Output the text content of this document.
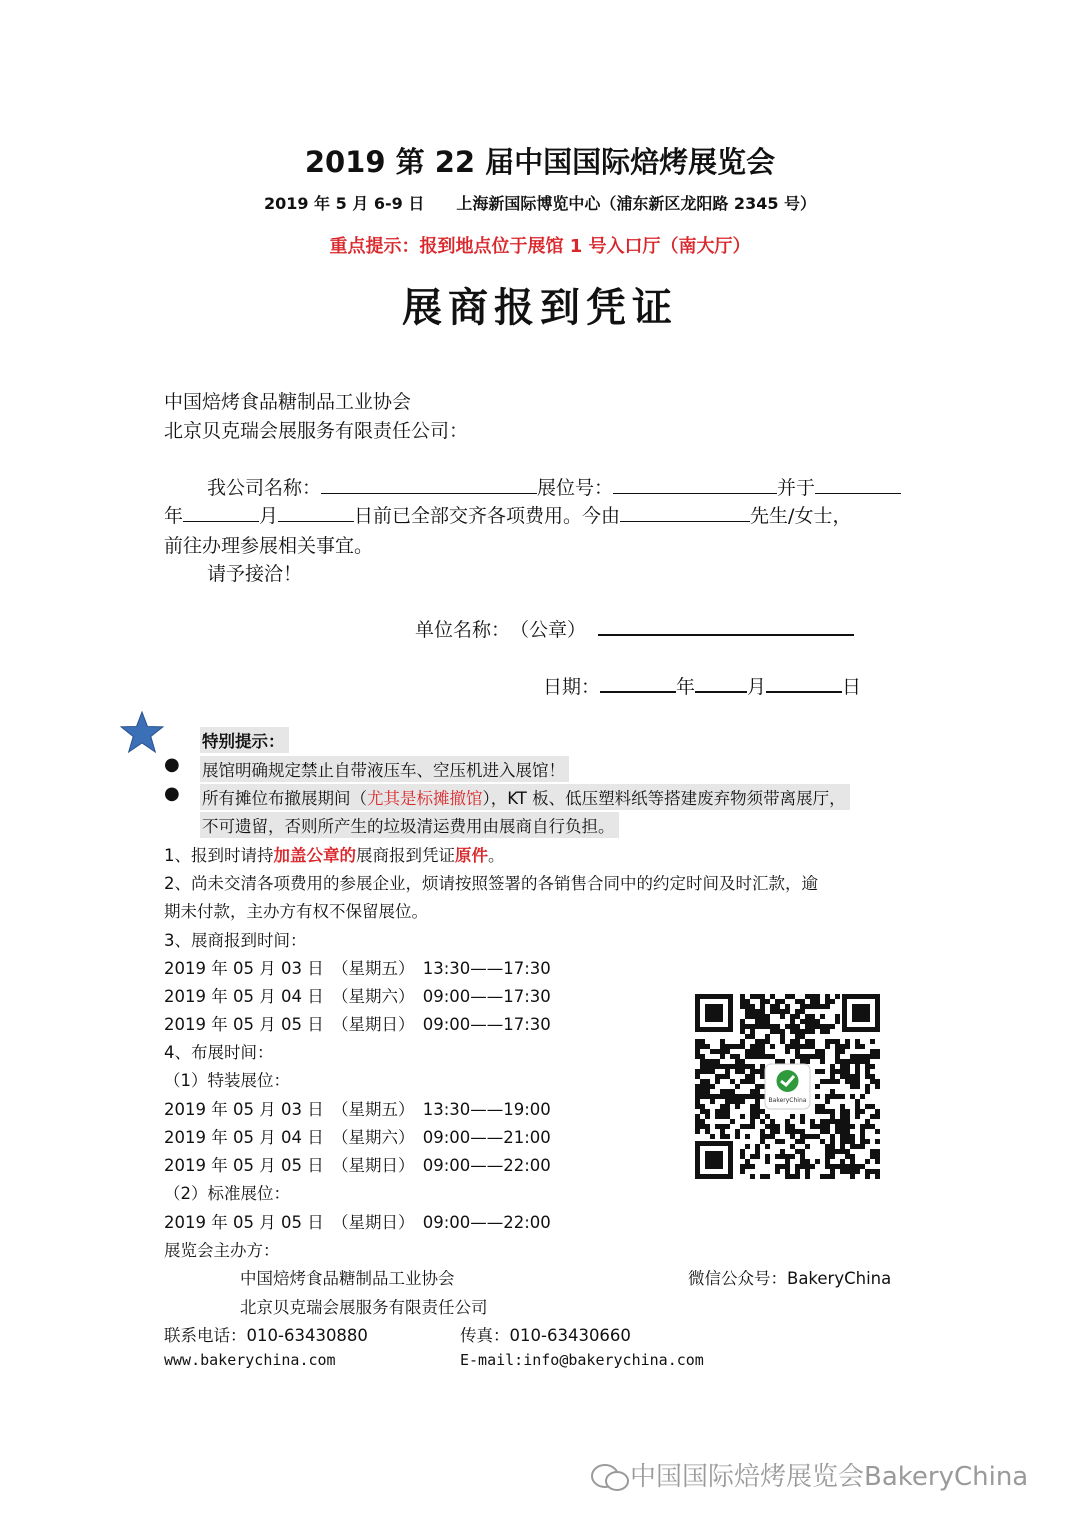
2019 第 22 届中国国际焙烤展览会
2019 年 5 月 6-9 日　　上海新国际博览中心（浦东新区龙阳路 2345 号）
重点提示：报到地点位于展馆 1 号入口厅（南大厅）
展商报到凭证
中国焙烤食品糖制品工业协会
北京贝克瑞会展服务有限责任公司：
我公司名称：	展位号：	并于
年	月	日前已全部交齐各项费用。今由	先生/女士，
前往办理参展相关事宜。
请予接洽！
单位名称：　（公章）
日期：	年	月	日
特别提示：
● 展馆明确规定禁止自带液压车、空压机进入展馆！
● 所有摊位布撤展期间（尤其是标摊撤馆），KT 板、低压塑料纸等搭建废弃物须带离展厅，
不可遗留，否则所产生的垃圾清运费用由展商自行负担。
1、报到时请持加盖公章的展商报到凭证原件。
2、尚未交清各项费用的参展企业，烦请按照签署的各销售合同中的约定时间及时汇款，逾
期未付款，主办方有权不保留展位。
3、展商报到时间：
2019 年 05 月 03 日　（星期五）　13:30——17:30
2019 年 05 月 04 日　（星期六）　09:00——17:30
2019 年 05 月 05 日　（星期日）　09:00——17:30
4、布展时间：
（1）特装展位：
2019 年 05 月 03 日　（星期五）　13:30——19:00
2019 年 05 月 04 日　（星期六）　09:00——21:00
2019 年 05 月 05 日　（星期日）　09:00——22:00
（2）标准展位：
2019 年 05 月 05 日　（星期日）　09:00——22:00
BakeryChina
展览会主办方：
中国焙烤食品糖制品工业协会	微信公众号：BakeryChina
北京贝克瑞会展服务有限责任公司
联系电话：010-63430880	传真：010-63430660
www.bakerychina.com	E-mail:info@bakerychina.com
中国国际焙烤展览会BakeryChina
